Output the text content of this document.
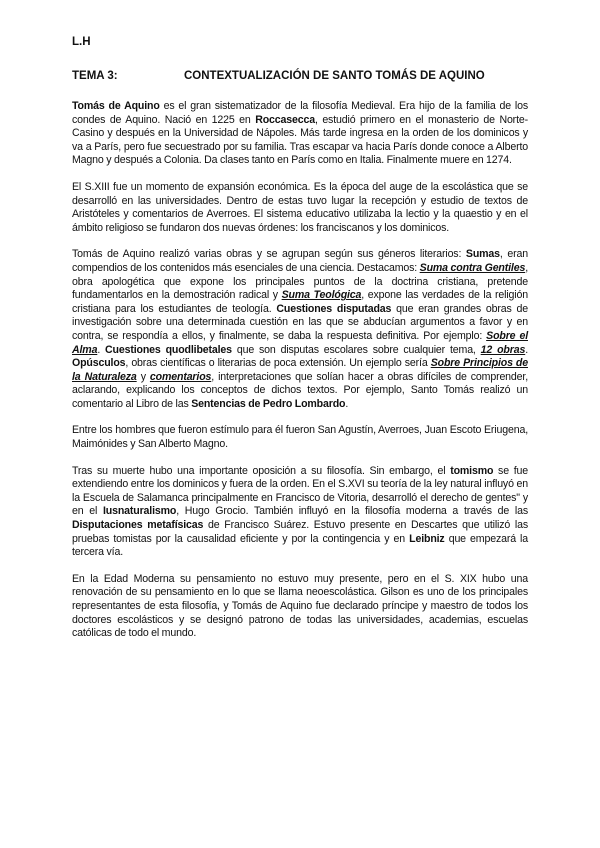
L.H
TEMA 3:	CONTEXTUALIZACIÓN DE SANTO TOMÁS DE AQUINO

Tomás de Aquino es el gran sistematizador de la filosofía Medieval. Era hijo de la familia de los condes de Aquino. Nació en 1225 en Roccasecca, estudió primero en el monasterio de Norte-Casino y después en la Universidad de Nápoles. Más tarde ingresa en la orden de los dominicos y va a París, pero fue secuestrado por su familia. Tras escapar va hacia París donde conoce a Alberto Magno y después a Colonia. Da clases tanto en París como en Italia. Finalmente muere en 1274.

El S.XIII fue un momento de expansión económica. Es la época del auge de la escolástica que se desarrolló en las universidades. Dentro de estas tuvo lugar la recepción y estudio de textos de Aristóteles y comentarios de Averroes. El sistema educativo utilizaba la lectio y la quaestio y en el ámbito religioso se fundaron dos nuevas órdenes: los franciscanos y los dominicos.

Tomás de Aquino realizó varias obras y se agrupan según sus géneros literarios: Sumas, eran compendios de los contenidos más esenciales de una ciencia. Destacamos: Suma contra Gentiles, obra apologética que expone los principales puntos de la doctrina cristiana, pretende fundamentarlos en la demostración radical y Suma Teológica, expone las verdades de la religión cristiana para los estudiantes de teología. Cuestiones disputadas que eran grandes obras de investigación sobre una determinada cuestión en las que se abducían argumentos a favor y en contra, se respondía a ellos, y finalmente, se daba la respuesta definitiva. Por ejemplo: Sobre el Alma. Cuestiones quodlibetales que son disputas escolares sobre cualquier tema, 12 obras. Opúsculos, obras científicas o literarias de poca extensión. Un ejemplo sería Sobre Principios de la Naturaleza y comentarios, interpretaciones que solían hacer a obras difíciles de comprender, aclarando, explicando los conceptos de dichos textos. Por ejemplo, Santo Tomás realizó un comentario al Libro de las Sentencias de Pedro Lombardo.

Entre los hombres que fueron estímulo para él fueron San Agustín, Averroes, Juan Escoto Eriugena, Maimónides y San Alberto Magno.

Tras su muerte hubo una importante oposición a su filosofía. Sin embargo, el tomismo se fue extendiendo entre los dominicos y fuera de la orden. En el S.XVI su teoría de la ley natural influyó en la Escuela de Salamanca principalmente en Francisco de Vitoria, desarrolló el derecho de gentes" y en el Iusnaturalismo, Hugo Grocio. También influyó en la filosofía moderna a través de las Disputaciones metafísicas de Francisco Suárez. Estuvo presente en Descartes que utilizó las pruebas tomistas por la causalidad eficiente y por la contingencia y en Leibniz que empezará la tercera vía.

En la Edad Moderna su pensamiento no estuvo muy presente, pero en el S. XIX hubo una renovación de su pensamiento en lo que se llama neoescolástica. Gilson es uno de los principales representantes de esta filosofía, y Tomás de Aquino fue declarado príncipe y maestro de todos los doctores escolásticos y se designó patrono de todas las universidades, academias, escuelas católicas de todo el mundo.
